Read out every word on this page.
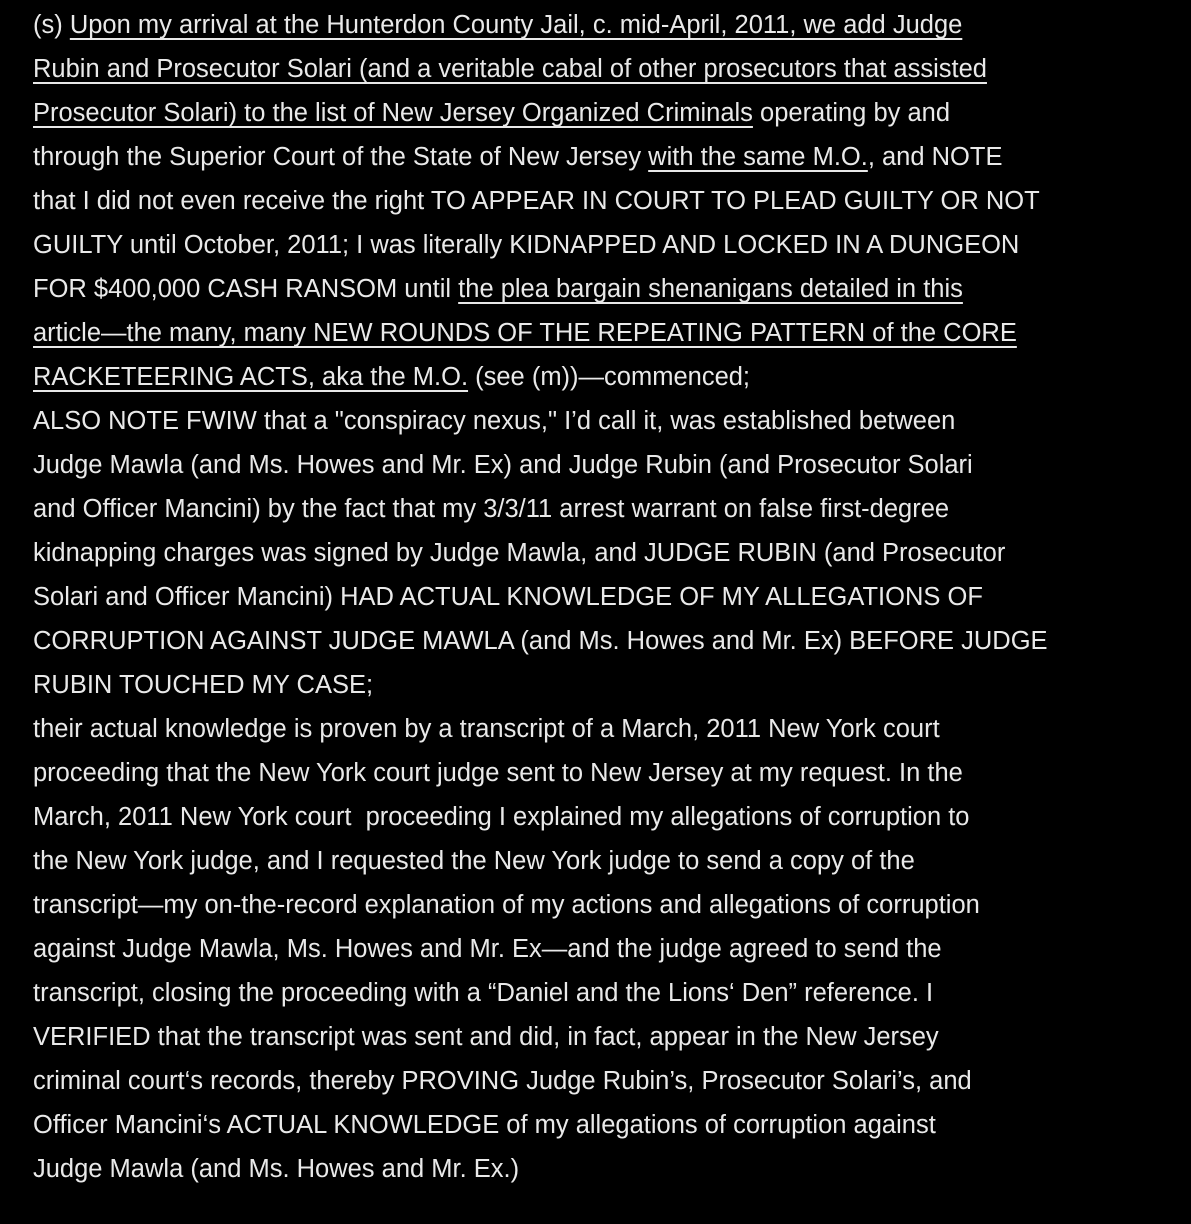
(s) Upon my arrival at the Hunterdon County Jail, c. mid-April, 2011, we add Judge
Rubin and Prosecutor Solari (and a veritable cabal of other prosecutors that assisted
Prosecutor Solari) to the list of New Jersey Organized Criminals operating by and
through the Superior Court of the State of New Jersey with the same M.O., and NOTE
that I did not even receive the right TO APPEAR IN COURT TO PLEAD GUILTY OR NOT
GUILTY until October, 2011; I was literally KIDNAPPED AND LOCKED IN A DUNGEON
FOR $400,000 CASH RANSOM until the plea bargain shenanigans detailed in this
article—the many, many NEW ROUNDS OF THE REPEATING PATTERN of the CORE
RACKETEERING ACTS, aka the M.O. (see (m))—commenced;
ALSO NOTE FWIW that a "conspiracy nexus," I’d call it, was established between
Judge Mawla (and Ms. Howes and Mr. Ex) and Judge Rubin (and Prosecutor Solari
and Officer Mancini) by the fact that my 3/3/11 arrest warrant on false first-degree
kidnapping charges was signed by Judge Mawla, and JUDGE RUBIN (and Prosecutor
Solari and Officer Mancini) HAD ACTUAL KNOWLEDGE OF MY ALLEGATIONS OF
CORRUPTION AGAINST JUDGE MAWLA (and Ms. Howes and Mr. Ex) BEFORE JUDGE
RUBIN TOUCHED MY CASE;
their actual knowledge is proven by a transcript of a March, 2011 New York court
proceeding that the New York court judge sent to New Jersey at my request. In the
March, 2011 New York court  proceeding I explained my allegations of corruption to
the New York judge, and I requested the New York judge to send a copy of the
transcript—my on-the-record explanation of my actions and allegations of corruption
against Judge Mawla, Ms. Howes and Mr. Ex—and the judge agreed to send the
transcript, closing the proceeding with a “Daniel and the Lions‘ Den” reference. I
VERIFIED that the transcript was sent and did, in fact, appear in the New Jersey
criminal court‘s records, thereby PROVING Judge Rubin’s, Prosecutor Solari’s, and
Officer Mancini‘s ACTUAL KNOWLEDGE of my allegations of corruption against
Judge Mawla (and Ms. Howes and Mr. Ex.)
